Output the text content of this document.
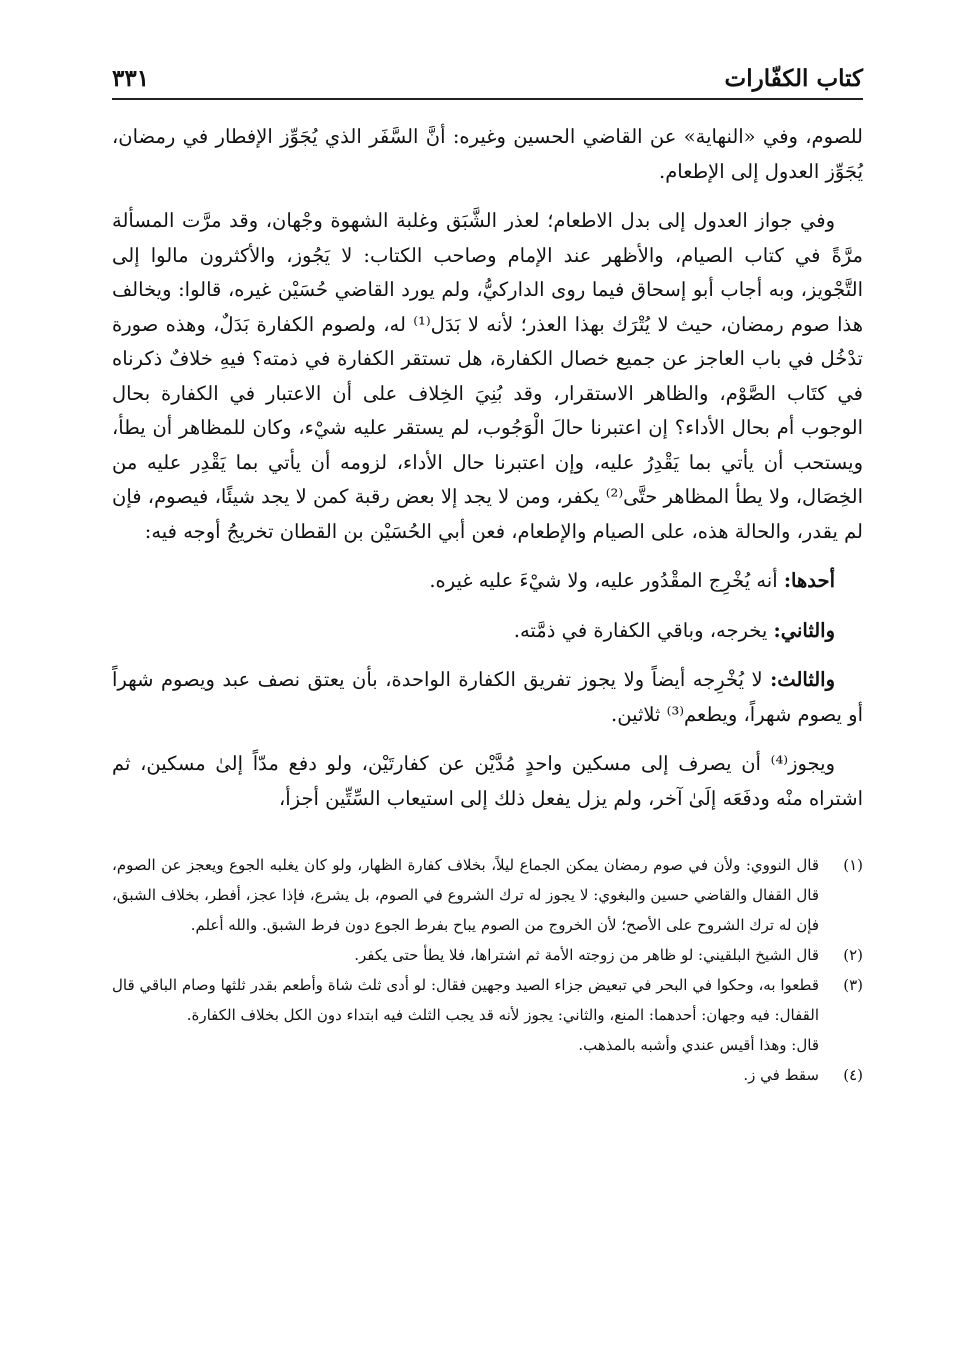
كتاب الكفّارات
٣٣١

للصوم، وفي «النهاية» عن القاضي الحسين وغيره: أنَّ السَّفَر الذي يُجَوِّز الإفطار في رمضان، يُجَوِّز العدول إلى الإطعام.

وفي جواز العدول إلى بدل الاطعام؛ لعذر الشَّبَق وغلبة الشهوة وجْهان، وقد مرَّت المسألة مرَّةً في كتاب الصيام، والأظهر عند الإمام وصاحب الكتاب: لا يَجُوز، والأكثرون مالوا إلى التَّجْويز، وبه أجاب أبو إسحاق فيما روى الداركيُّ، ولم يورد القاضي حُسَيْن غيره، قالوا: ويخالف هذا صوم رمضان، حيث لا يُتْرَك بهذا العذر؛ لأنه لا بَدَل⁽¹⁾ له، ولصوم الكفارة بَدَلٌ، وهذه صورة تدْخُل في باب العاجز عن جميع خصال الكفارة، هل تستقر الكفارة في ذمته؟ فيهِ خلافٌ ذكرناه في كتَاب الصَّوْم، والظاهر الاستقرار، وقد بُنِيَ الخِلاف على أن الاعتبار في الكفارة بحال الوجوب أم بحال الأداء؟ إن اعتبرنا حالَ الْوَجُوب، لم يستقر عليه شيْء، وكان للمظاهر أن يطأ، ويستحب أن يأتي بما يَقْدِرُ عليه، وإن اعتبرنا حال الأداء، لزومه أن يأتي بما يَقْدِر عليه من الخِصَال، ولا يطأ المظاهر حتَّى⁽²⁾ يكفر، ومن لا يجد إلا بعض رقبة كمن لا يجد شيئًا، فيصوم، فإن لم يقدر، والحالة هذه، على الصيام والإطعام، فعن أبي الحُسَيْن بن القطان تخريجُ أوجه فيه:

أحدها: أنه يُخْرِج المقْدُور عليه، ولا شيْءَ عليه غيره.

والثاني: يخرجه، وباقي الكفارة في ذمَّته.

والثالث: لا يُخْرِجه أيضاً ولا يجوز تفريق الكفارة الواحدة، بأن يعتق نصف عبد ويصوم شهراً أو يصوم شهراً، ويطعم⁽³⁾ ثلاثين.

ويجوز⁽⁴⁾ أن يصرف إلى مسكين واحدٍ مُدَّيْن عن كفارتَيْن، ولو دفع مدّاً إلىٰ مسكين، ثم اشتراه منْه ودفَعَه إلَىٰ آخر، ولم يزل يفعل ذلك إلى استيعاب السِّتِّين أجزأ،

(١)
قال النووي: ولأن في صوم رمضان يمكن الجماع ليلاً، بخلاف كفارة الظهار، ولو كان يغلبه الجوع ويعجز عن الصوم، قال القفال والقاضي حسين والبغوي: لا يجوز له ترك الشروع في الصوم، بل يشرع، فإذا عجز، أفطر، بخلاف الشبق، فإن له ترك الشروح على الأصح؛ لأن الخروج من الصوم يباح بفرط الجوع دون فرط الشبق. والله أعلم.
(٢)
قال الشيخ البلقيني: لو ظاهر من زوجته الأمة ثم اشتراها، فلا يطأ حتى يكفر.
(٣)
قطعوا به، وحكوا في البحر في تبعيض جزاء الصيد وجهين فقال: لو أدى ثلث شاة وأطعم بقدر ثلثها وصام الباقي قال القفال: فيه وجهان: أحدهما: المنع، والثاني: يجوز لأنه قد يجب الثلث فيه ابتداء دون الكل بخلاف الكفارة.
قال: وهذا أقيس عندي وأشبه بالمذهب.
(٤)
سقط في ز.
